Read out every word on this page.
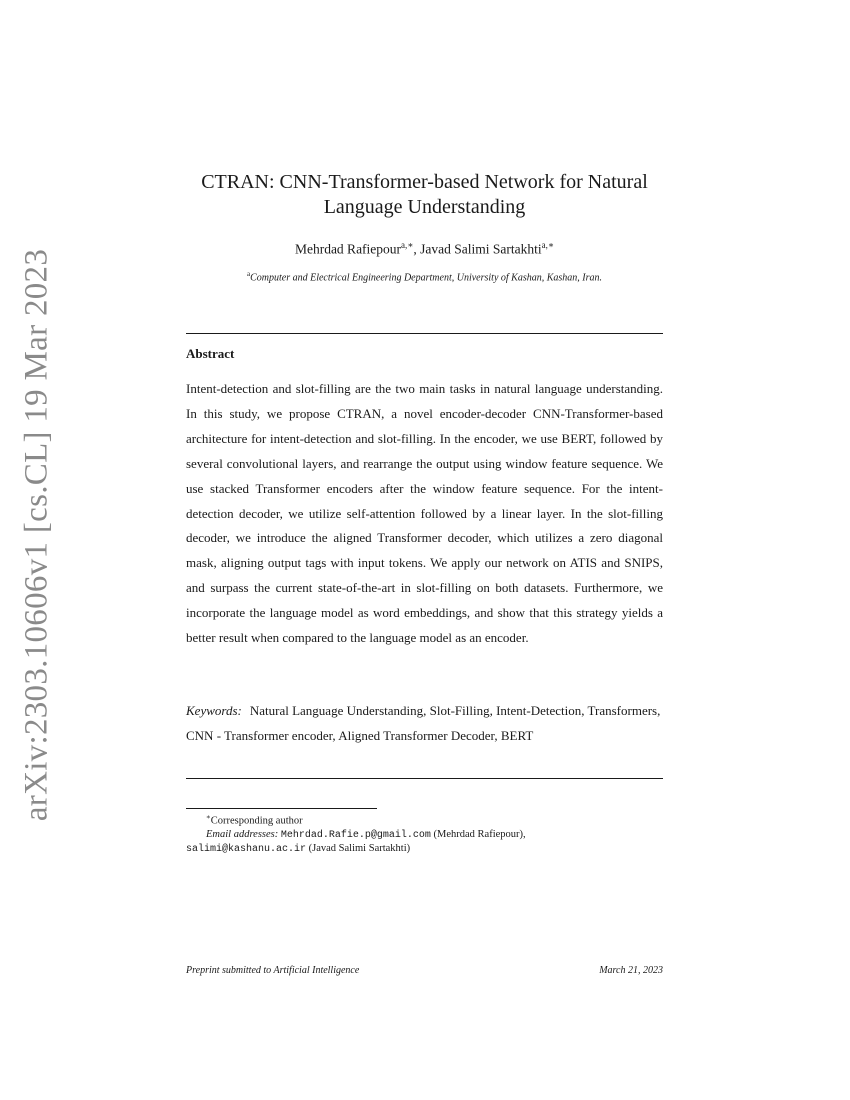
arXiv:2303.10606v1 [cs.CL] 19 Mar 2023
CTRAN: CNN-Transformer-based Network for Natural
Language Understanding
Mehrdad Rafiepour$^{a,∗}$, Javad Salimi Sartakhti$^{a,∗}$
$^a$Computer and Electrical Engineering Department, University of Kashan, Kashan, Iran.
Abstract
Intent-detection and slot-filling are the two main tasks in natural language understanding. In this study, we propose CTRAN, a novel encoder-decoder CNN-Transformer-based architecture for intent-detection and slot-filling. In the encoder, we use BERT, followed by several convolutional layers, and rearrange the output using window feature sequence. We use stacked Transformer encoders after the window feature sequence. For the intent-detection decoder, we utilize self-attention followed by a linear layer. In the slot-filling decoder, we introduce the aligned Transformer decoder, which utilizes a zero diagonal mask, aligning output tags with input tokens. We apply our network on ATIS and SNIPS, and surpass the current state-of-the-art in slot-filling on both datasets. Furthermore, we incorporate the language model as word embeddings, and show that this strategy yields a better result when compared to the language model as an encoder.
Keywords: Natural Language Understanding, Slot-Filling, Intent-Detection, Transformers, CNN - Transformer encoder, Aligned Transformer Decoder, BERT
∗Corresponding author
Email addresses: Mehrdad.Rafie.p@gmail.com (Mehrdad Rafiepour),
salimi@kashanu.ac.ir (Javad Salimi Sartakhti)
Preprint submitted to Artificial Intelligence	March 21, 2023
